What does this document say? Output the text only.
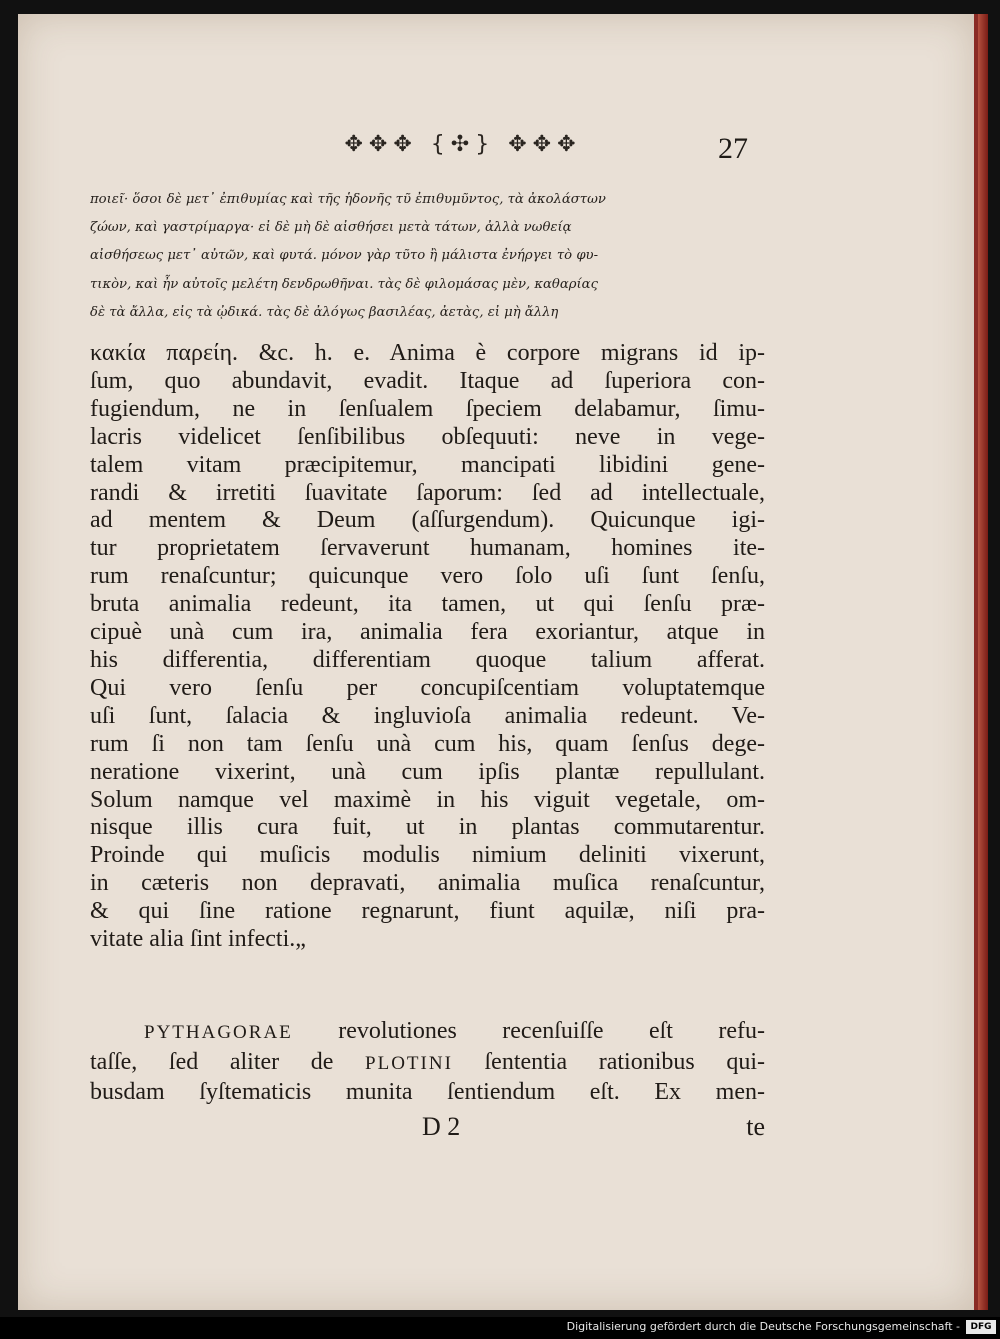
✥✥✥ {✣} ✥✥✥	27
ποιεῖ· ὅσοι δὲ μετ᾽ ἐπιθυμίας καὶ τῆς ἡδονῆς τῦ ἐπιθυμῦντος, τὰ ἀκολάστων
ζώων, καὶ γαστρίμαργα· εἰ δὲ μὴ δὲ αἰσθήσει μετὰ τάτων, ἀλλὰ νωθείᾳ
αἰσθήσεως μετ᾽ αὐτῶν, καὶ φυτά. μόνον γὰρ τῦτο ἢ μάλιστα ἐνήργει τὸ φυ-
τικὸν, καὶ ἦν αὐτοῖς μελέτη δενδρωθῆναι. τὰς δὲ φιλομάσας μὲν, καθαρίας
δὲ τὰ ἄλλα, εἰς τὰ ᾠδικά. τὰς δὲ ἀλόγως βασιλέας, ἀετὰς, εἰ μὴ ἄλλη
κακία παρείη. &c. h. e. Anima è corpore migrans id ip-
ſum, quo abundavit, evadit. Itaque ad ſuperiora con-
fugiendum, ne in ſenſualem ſpeciem delabamur, ſimu-
lacris videlicet ſenſibilibus obſequuti: neve in vege-
talem vitam præcipitemur, mancipati libidini gene-
randi & irretiti ſuavitate ſaporum: ſed ad intellectuale,
ad mentem & Deum (aſſurgendum). Quicunque igi-
tur proprietatem ſervaverunt humanam, homines ite-
rum renaſcuntur; quicunque vero ſolo uſi ſunt ſenſu,
bruta animalia redeunt, ita tamen, ut qui ſenſu præ-
cipuè unà cum ira, animalia fera exoriantur, atque in
his differentia, differentiam quoque talium afferat.
Qui vero ſenſu per concupiſcentiam voluptatemque
uſi ſunt, ſalacia & ingluvioſa animalia redeunt. Ve-
rum ſi non tam ſenſu unà cum his, quam ſenſus dege-
neratione vixerint, unà cum ipſis plantæ repullulant.
Solum namque vel maximè in his viguit vegetale, om-
nisque illis cura fuit, ut in plantas commutarentur.
Proinde qui muſicis modulis nimium deliniti vixerunt,
in cæteris non depravati, animalia muſica renaſcuntur,
& qui ſine ratione regnarunt, fiunt aquilæ, niſi pra-
vitate alia ſint infecti.„
PYTHAGORAE revolutiones recenſuiſſe eſt refu-
taſſe, ſed aliter de PLOTINI ſententia rationibus qui-
busdam ſyſtematicis munita ſentiendum eſt. Ex men-
D 2	te
Digitalisierung gefördert durch die Deutsche Forschungsgemeinschaft -	DFG
